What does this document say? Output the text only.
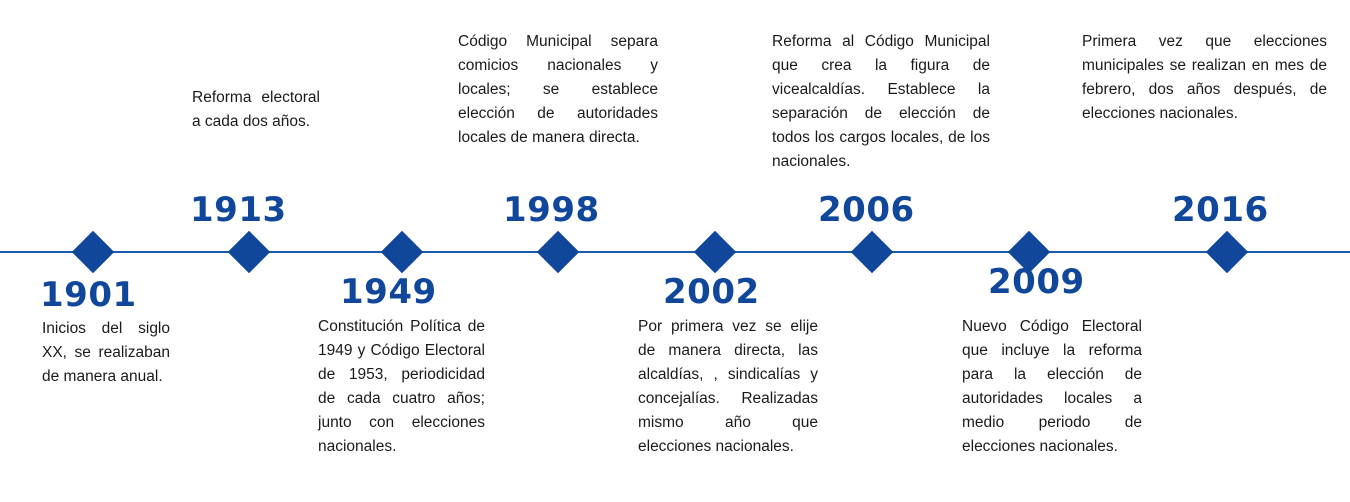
1901
Inicios del siglo XX, se realizaban de manera anual.
1913
Reforma electoral a cada dos años.
1949
Constitución Política de 1949 y Código Electoral de 1953, periodicidad de cada cuatro años; junto con elecciones nacionales.
1998
Código Municipal separa comicios nacionales y locales; se establece elección de autoridades locales de manera directa.
2002
Por primera vez se elije de manera directa, las alcaldías, , sindicalías y concejalías. Realizadas mismo año que elecciones nacionales.
2006
Reforma al Código Municipal que crea la figura de vicealcaldías. Establece la separación de elección de todos los cargos locales, de los nacionales.
2009
Nuevo Código Electoral que incluye la reforma para la elección de autoridades locales a medio periodo de elecciones nacionales.
2016
Primera vez que elecciones municipales se realizan en mes de febrero, dos años después, de elecciones nacionales.
